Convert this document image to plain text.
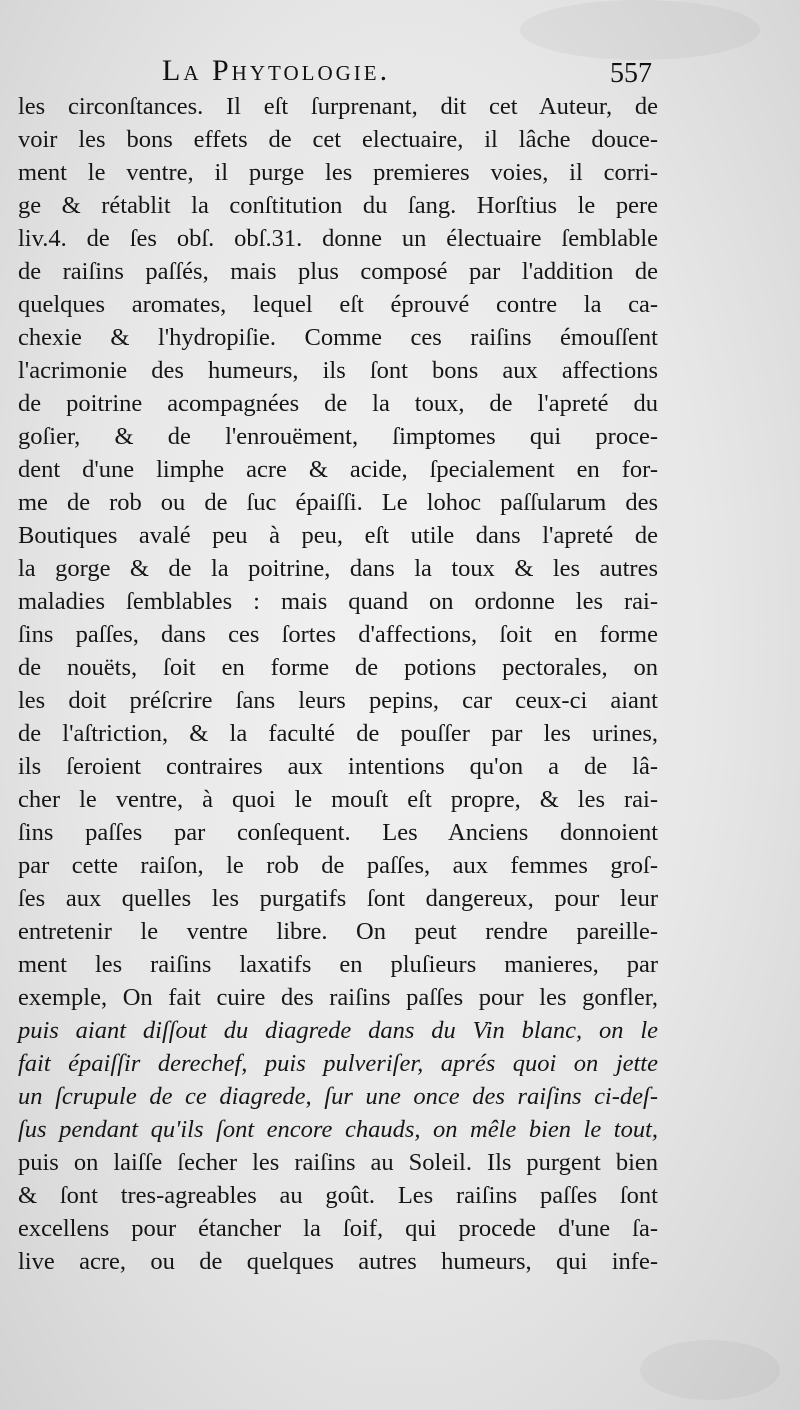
La Phytologie.	557
les circonſtances. Il eſt ſurprenant, dit cet Auteur, de
voir les bons effets de cet electuaire, il lâche douce-
ment le ventre, il purge les premieres voies, il corri-
ge & rétablit la conſtitution du ſang. Horſtius le pere
liv.4. de ſes obſ. obſ.31. donne un électuaire ſemblable
de raiſins paſſés, mais plus composé par l'addition de
quelques aromates, lequel eſt éprouvé contre la ca-
chexie & l'hydropiſie. Comme ces raiſins émouſſent
l'acrimonie des humeurs, ils ſont bons aux affections
de poitrine acompagnées de la toux, de l'apreté du
goſier, & de l'enrouëment, ſimptomes qui proce-
dent d'une limphe acre & acide, ſpecialement en for-
me de rob ou de ſuc épaiſſi. Le lohoc paſſularum des
Boutiques avalé peu à peu, eſt utile dans l'apreté de
la gorge & de la poitrine, dans la toux & les autres
maladies ſemblables : mais quand on ordonne les rai-
ſins paſſes, dans ces ſortes d'affections, ſoit en forme
de nouëts, ſoit en forme de potions pectorales, on
les doit préſcrire ſans leurs pepins, car ceux-ci aiant
de l'aſtriction, & la faculté de pouſſer par les urines,
ils ſeroient contraires aux intentions qu'on a de lâ-
cher le ventre, à quoi le mouſt eſt propre, & les rai-
ſins paſſes par conſequent. Les Anciens donnoient
par cette raiſon, le rob de paſſes, aux femmes groſ-
ſes aux quelles les purgatifs ſont dangereux, pour leur
entretenir le ventre libre. On peut rendre pareille-
ment les raiſins laxatifs en pluſieurs manieres, par
exemple, On fait cuire des raiſins paſſes pour les gonfler,
puis aiant diſſout du diagrede dans du Vin blanc, on le
fait épaiſſir derechef, puis pulveriſer, aprés quoi on jette
un ſcrupule de ce diagrede, ſur une once des raiſins ci-deſ-
ſus pendant qu'ils ſont encore chauds, on mêle bien le tout,
puis on laiſſe ſecher les raiſins au Soleil. Ils purgent bien
& ſont tres-agreables au goût. Les raiſins paſſes ſont
excellens pour étancher la ſoif, qui procede d'une ſa-
live acre, ou de quelques autres humeurs, qui infe-
